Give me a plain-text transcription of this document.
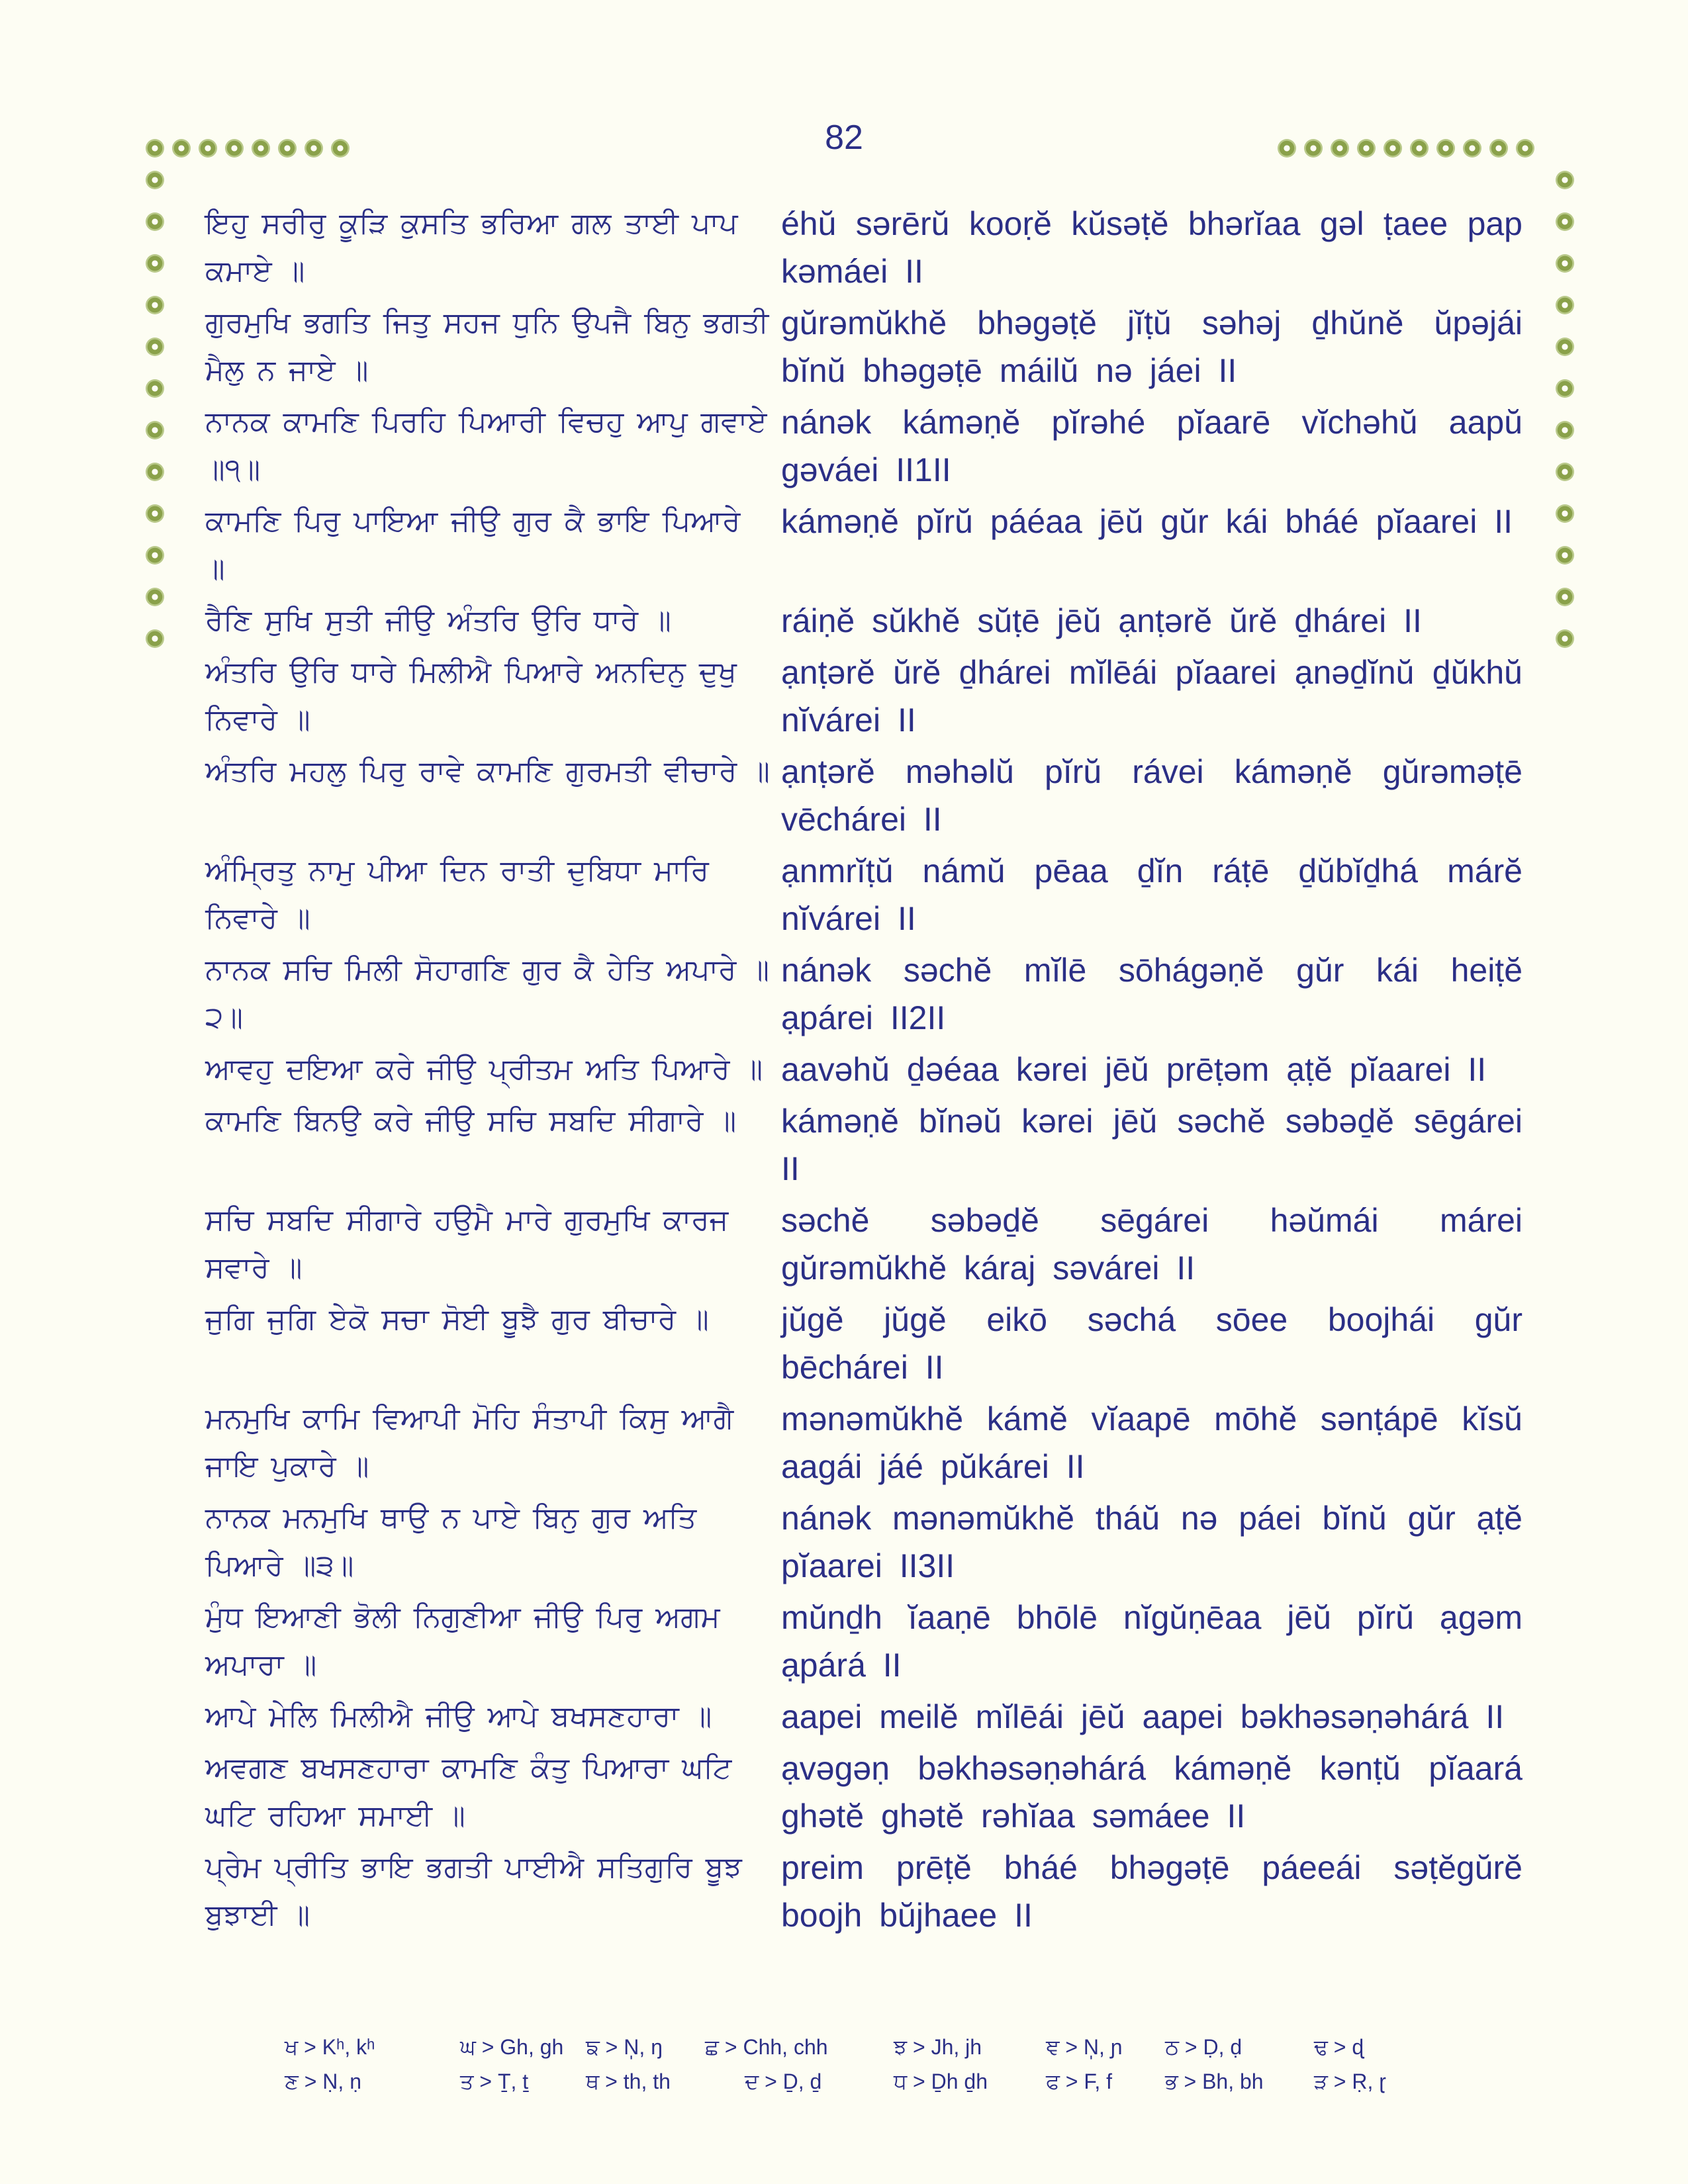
82
ਇਹੁ ਸਰੀਰੁ ਕੂੜਿ ਕੁਸਤਿ ਭਰਿਆ ਗਲ ਤਾਈ ਪਾਪ ਕਮਾਏ ॥
éhŭ sərērŭ kooṛĕ kŭsəṭĕ bhərĭaa gəl ṭaee pap kəmáei II
ਗੁਰਮੁਖਿ ਭਗਤਿ ਜਿਤੁ ਸਹਜ ਧੁਨਿ ਉਪਜੈ ਬਿਨੁ ਭਗਤੀ ਮੈਲੁ ਨ ਜਾਏ ॥
gŭrəmŭkhĕ bhəgəṭĕ jĭṭŭ səhəj ḏhŭnĕ ŭpəjái bĭnŭ bhəgəṭē máilŭ nə jáei II
ਨਾਨਕ ਕਾਮਣਿ ਪਿਰਹਿ ਪਿਆਰੀ ਵਿਚਹੁ ਆਪੁ ਗਵਾਏ ॥੧॥
nánək kámәṇĕ pĭrəhé pĭaarē vĭchəhŭ aapŭ gəváei II1II
ਕਾਮਣਿ ਪਿਰੁ ਪਾਇਆ ਜੀਉ ਗੁਰ ਕੈ ਭਾਇ ਪਿਆਰੇ ॥
kámәṇĕ pĭrŭ páéaa jēŭ gŭr kái bháé pĭaarei II
ਰੈਣਿ ਸੁਖਿ ਸੁਤੀ ਜੀਉ ਅੰਤਰਿ ਉਰਿ ਧਾਰੇ ॥	ráiṇĕ sŭkhĕ sŭṭē jēŭ ạnṭərĕ ŭrĕ ḏhárei II
ਅੰਤਰਿ ਉਰਿ ਧਾਰੇ ਮਿਲੀਐ ਪਿਆਰੇ ਅਨਦਿਨੁ ਦੁਖੁ ਨਿਵਾਰੇ ॥
ạnṭərĕ ŭrĕ ḏhárei mĭlēái pĭaarei ạnəḏĭnŭ ḏŭkhŭ nĭvárei II
ਅੰਤਰਿ ਮਹਲੁ ਪਿਰੁ ਰਾਵੇ ਕਾਮਣਿ ਗੁਰਮਤੀ ਵੀਚਾਰੇ ॥ ạnṭərĕ məhəlŭ pĭrŭ rávei kámәṇĕ gŭrəməṭē vēchárei II
ਅੰਮ੍ਰਿਤੁ ਨਾਮੁ ਪੀਆ ਦਿਨ ਰਾਤੀ ਦੁਬਿਧਾ ਮਾਰਿ ਨਿਵਾਰੇ ॥
ạnmrĭṭŭ námŭ pēaa ḏĭn ráṭē ḏŭbĭḏhá márĕ nĭvárei II
ਨਾਨਕ ਸਚਿ ਮਿਲੀ ਸੋਹਾਗਣਿ ਗੁਰ ਕੈ ਹੇਤਿ ਅਪਾਰੇ ॥੨॥
nánək səchĕ mĭlē sōhágəṇĕ gŭr kái heiṭĕ ạpárei II2II
ਆਵਹੁ ਦਇਆ ਕਰੇ ਜੀਉ ਪ੍ਰੀਤਮ ਅਤਿ ਪਿਆਰੇ ॥ aavəhŭ ḏəéaa kərei jēŭ prēṭəm ạṭĕ pĭaarei II
ਕਾਮਣਿ ਬਿਨਉ ਕਰੇ ਜੀਉ ਸਚਿ ਸਬਦਿ ਸੀਗਾਰੇ ॥	kámәṇĕ bĭnəŭ kərei jēŭ səchĕ səbəḏĕ sēgárei II
ਸਚਿ ਸਬਦਿ ਸੀਗਾਰੇ ਹਉਮੈ ਮਾਰੇ ਗੁਰਮੁਖਿ ਕਾਰਜ ਸਵਾਰੇ ॥
səchĕ səbəḏĕ sēgárei həŭmái márei gŭrəmŭkhĕ káraj səvárei II
ਜੁਗਿ ਜੁਗਿ ਏਕੋ ਸਚਾ ਸੋਈ ਬੂਝੈ ਗੁਰ ਬੀਚਾਰੇ ॥	jŭgĕ jŭgĕ eikō səchá sōee boojhái gŭr bēchárei II
ਮਨਮੁਖਿ ਕਾਮਿ ਵਿਆਪੀ ਮੋਹਿ ਸੰਤਾਪੀ ਕਿਸੁ ਆਗੈ ਜਾਇ ਪੁਕਾਰੇ ॥
mənəmŭkhĕ kámĕ vĭaapē mōhĕ sənṭápē kĭsŭ aagái jáé pŭkárei II
ਨਾਨਕ ਮਨਮੁਖਿ ਥਾਉ ਨ ਪਾਏ ਬਿਨੁ ਗੁਰ ਅਤਿ ਪਿਆਰੇ ॥੩॥
nánək mənəmŭkhĕ tháŭ nə páei bĭnŭ gŭr ạṭĕ pĭaarei II3II
ਮੁੰਧ ਇਆਣੀ ਭੋਲੀ ਨਿਗੁਣੀਆ ਜੀਉ ਪਿਰੁ ਅਗਮ ਅਪਾਰਾ ॥
mŭnḏh ĭaaṇē bhōlē nĭgŭṇēaa jēŭ pĭrŭ ạgəm ạpárá II
ਆਪੇ ਮੇਲਿ ਮਿਲੀਐ ਜੀਉ ਆਪੇ ਬਖਸਣਹਾਰਾ ॥	aapei meilĕ mĭlēái jēŭ aapei bəkhəsəṇəhárá II
ਅਵਗਣ ਬਖਸਣਹਾਰਾ ਕਾਮਣਿ ਕੰਤੁ ਪਿਆਰਾ ਘਟਿ ਘਟਿ ਰਹਿਆ ਸਮਾਈ ॥
ạvəgəṇ bəkhəsəṇəhárá kámәṇĕ kənṭŭ pĭaará ghətĕ ghətĕ rəhĭaa səmáee II
ਪ੍ਰੇਮ ਪ੍ਰੀਤਿ ਭਾਇ ਭਗਤੀ ਪਾਈਐ ਸਤਿਗੁਰਿ ਬੂਝ ਬੁਝਾਈ ॥
preim prēṭĕ bháé bhəgəṭē páeeái səṭĕgŭrĕ boojh bŭjhaee II
ਖ > Kʰ, kʰ	ਘ > Gh, gh ਙ > N̩, ŋ ਛ > Chh, chh	ਝ > Jh, jh	ਞ > N̩, ɲ ਠ > Ḍ, ḍ	ਢ > ɖ
ਣ > Ṇ, ṇ	ਤ > Ṯ, ṯ	ਥ > th, th	ਦ > Ḏ, ḏ	ਧ > Ḏh ḏh	ਫ > F, f ਭ > Bh, bh ੜ > Ṛ, ɽ
